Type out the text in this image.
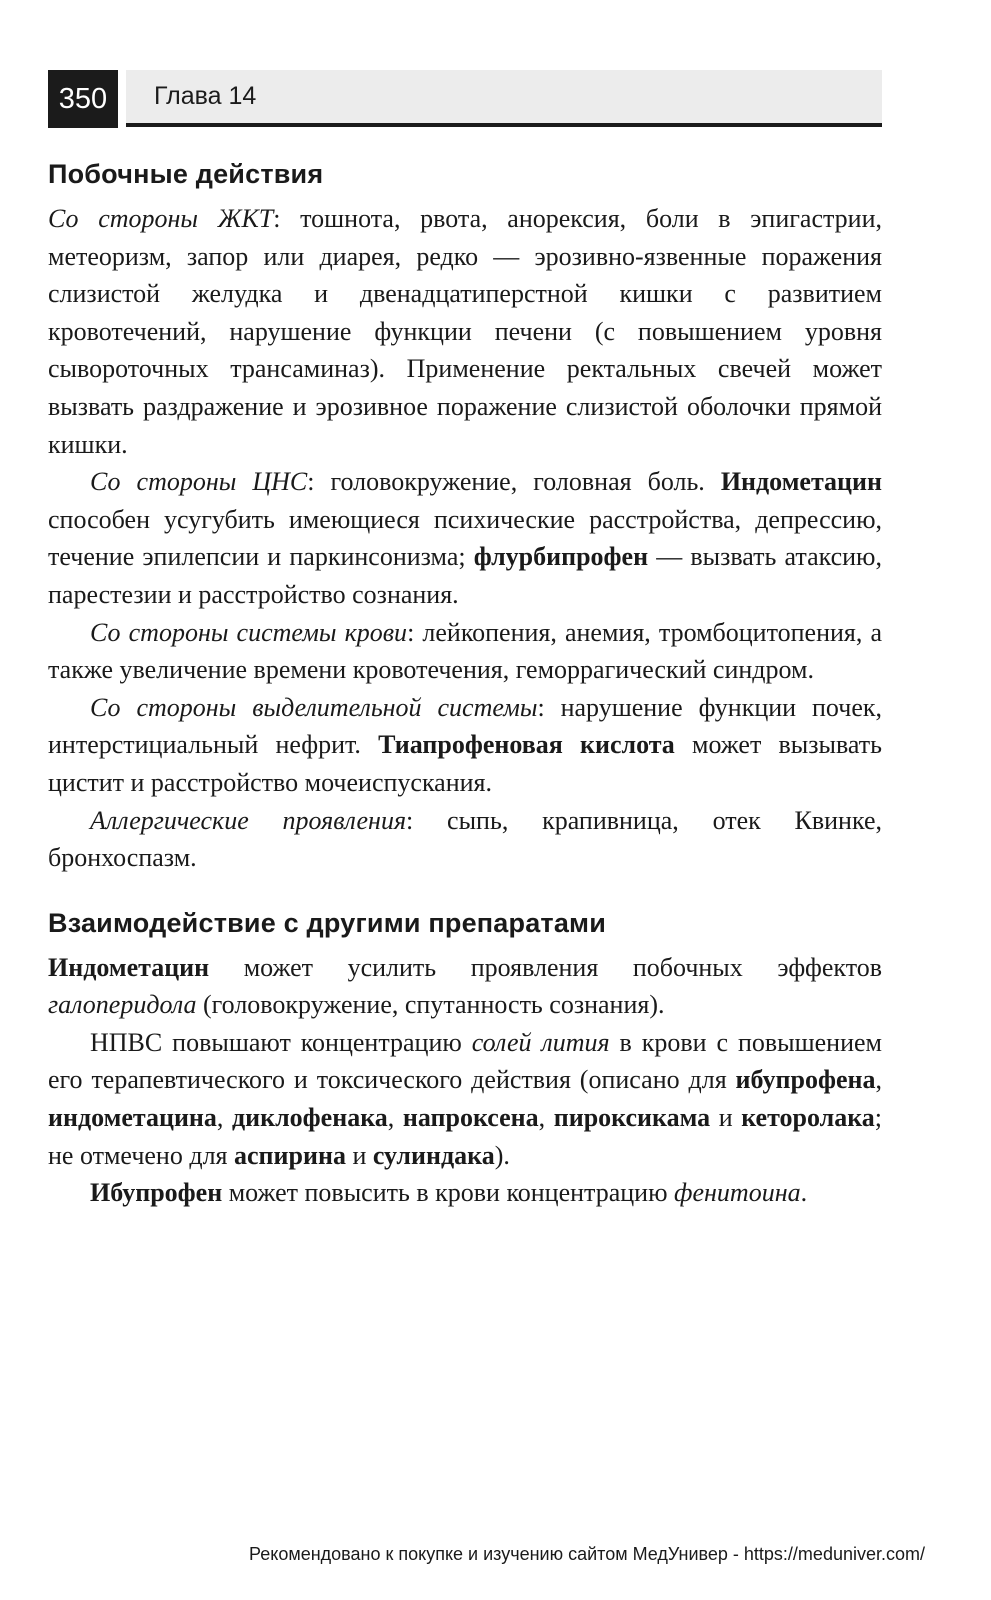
350	Глава 14
Побочные действия

Со стороны ЖКТ: тошнота, рвота, анорексия, боли в эпигастрии, метеоризм, запор или диарея, редко — эрозивно-язвенные поражения слизистой желудка и двенадцатиперстной кишки с развитием кровотечений, нарушение функции печени (с повышением уровня сывороточных трансаминаз). Применение ректальных свечей может вызвать раздражение и эрозивное поражение слизистой оболочки прямой кишки.

Со стороны ЦНС: головокружение, головная боль. Индометацин способен усугубить имеющиеся психические расстройства, депрессию, течение эпилепсии и паркинсонизма; флурбипрофен — вызвать атаксию, парестезии и расстройство сознания.

Со стороны системы крови: лейкопения, анемия, тромбоцитопения, а также увеличение времени кровотечения, геморрагический синдром.

Со стороны выделительной системы: нарушение функции почек, интерстициальный нефрит. Тиапрофеновая кислота может вызывать цистит и расстройство мочеиспускания.

Аллергические проявления: сыпь, крапивница, отек Квинке, бронхоспазм.

Взаимодействие с другими препаратами

Индометацин может усилить проявления побочных эффектов галоперидола (головокружение, спутанность сознания).

НПВС повышают концентрацию солей лития в крови с повышением его терапевтического и токсического действия (описано для ибупрофена, индометацина, диклофенака, напроксена, пироксикама и кеторолака; не отмечено для аспирина и сулиндака).

Ибупрофен может повысить в крови концентрацию фенитоина.

Рекомендовано к покупке и изучению сайтом МедУнивер - https://meduniver.com/
